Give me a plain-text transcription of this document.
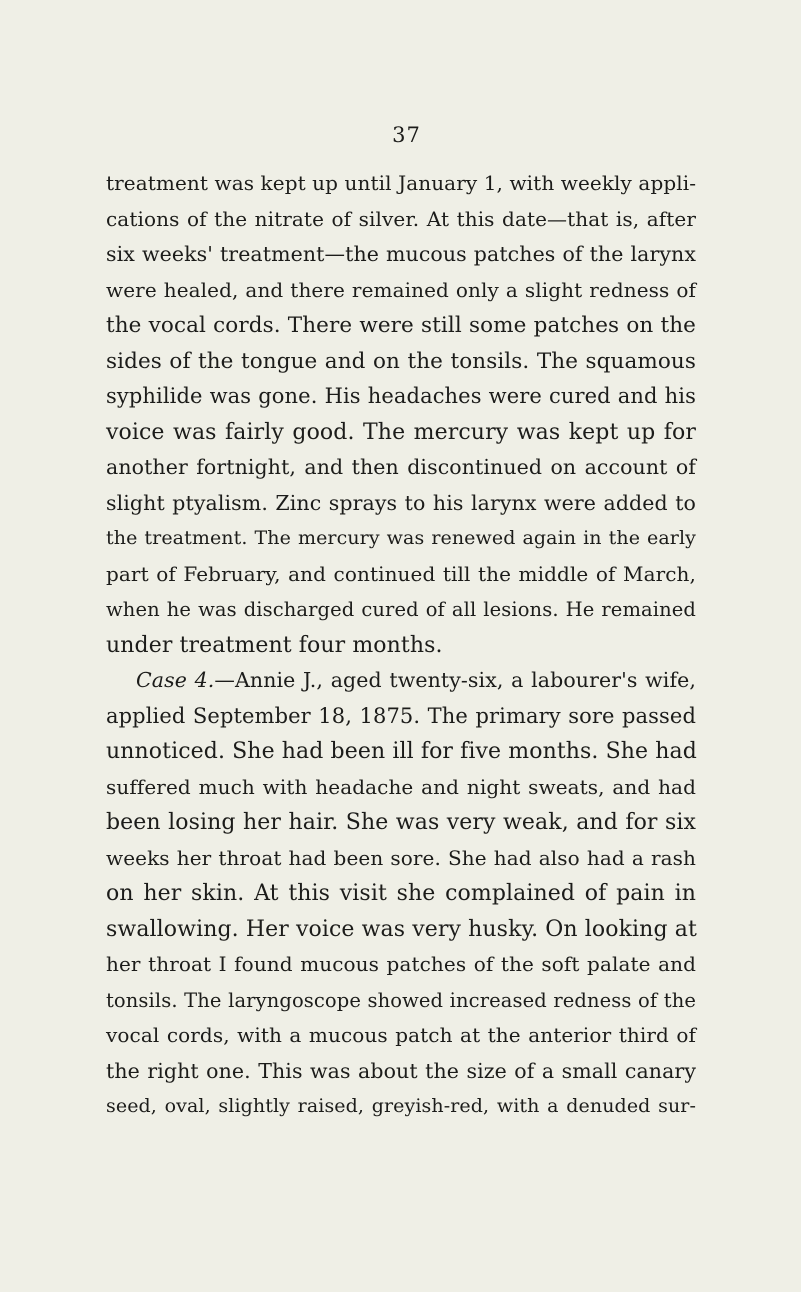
37
treatment was kept up until January 1, with weekly appli-
cations of the nitrate of silver. At this date—that is, after
six weeks' treatment—the mucous patches of the larynx
were healed, and there remained only a slight redness of
the vocal cords. There were still some patches on the
sides of the tongue and on the tonsils. The squamous
syphilide was gone. His headaches were cured and his
voice was fairly good. The mercury was kept up for
another fortnight, and then discontinued on account of
slight ptyalism. Zinc sprays to his larynx were added to
the treatment. The mercury was renewed again in the early
part of February, and continued till the middle of March,
when he was discharged cured of all lesions. He remained
under treatment four months.
Case 4.—Annie J., aged twenty-six, a labourer's wife,
applied September 18, 1875. The primary sore passed
unnoticed. She had been ill for five months. She had
suffered much with headache and night sweats, and had
been losing her hair. She was very weak, and for six
weeks her throat had been sore. She had also had a rash
on her skin. At this visit she complained of pain in
swallowing. Her voice was very husky. On looking at
her throat I found mucous patches of the soft palate and
tonsils. The laryngoscope showed increased redness of the
vocal cords, with a mucous patch at the anterior third of
the right one. This was about the size of a small canary
seed, oval, slightly raised, greyish-red, with a denuded sur-
